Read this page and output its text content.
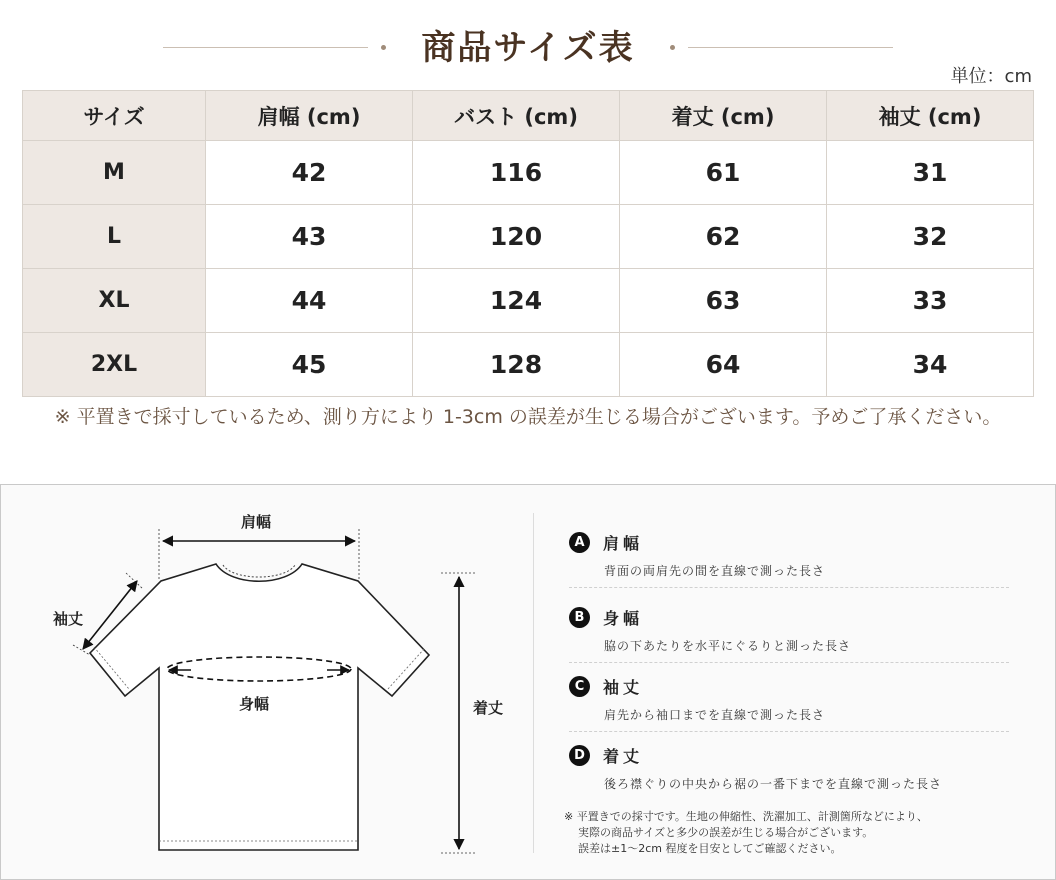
商品サイズ表
単位：cm
サイズ	肩幅 (cm)	バスト (cm)	着丈 (cm)	袖丈 (cm)
M	42	116	61	31
L	43	120	62	32
XL	44	124	63	33
2XL	45	128	64	34
※ 平置きで採寸しているため、測り方により 1-3cm の誤差が生じる場合がございます。予めご了承ください。
肩幅
袖丈
身幅	着丈
A	肩幅
背面の両肩先の間を直線で測った長さ
B	身幅
脇の下あたりを水平にぐるりと測った長さ
C	袖丈
肩先から袖口までを直線で測った長さ
D	着丈
後ろ襟ぐりの中央から裾の一番下までを直線で測った長さ
※ 平置きでの採寸です。生地の伸縮性、洗濯加工、計測箇所などにより、
実際の商品サイズと多少の誤差が生じる場合がございます。
誤差は±1～2cm 程度を目安としてご確認ください。
